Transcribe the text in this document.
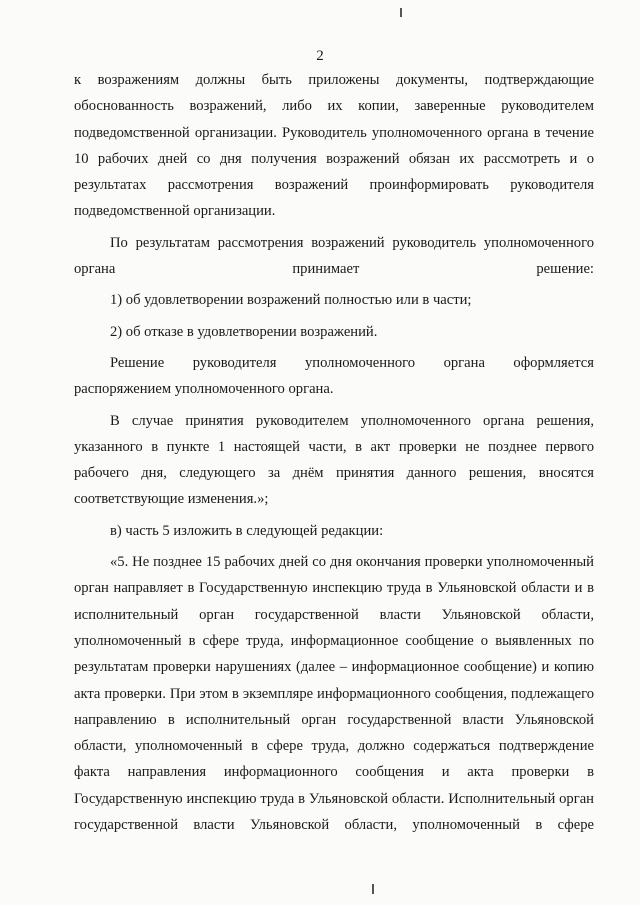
2

к возражениям должны быть приложены документы, подтверждающие обоснованность возражений, либо их копии, заверенные руководителем подведомственной организации. Руководитель уполномоченного органа в течение 10 рабочих дней со дня получения возражений обязан их рассмотреть и о результатах рассмотрения возражений проинформировать руководителя подведомственной организации.

По результатам рассмотрения возражений руководитель уполномоченного органа принимает решение:

1) об удовлетворении возражений полностью или в части;

2) об отказе в удовлетворении возражений.

Решение руководителя уполномоченного органа оформляется распоряжением уполномоченного органа.

В случае принятия руководителем уполномоченного органа решения, указанного в пункте 1 настоящей части, в акт проверки не позднее первого рабочего дня, следующего за днём принятия данного решения, вносятся соответствующие изменения.»;

в) часть 5 изложить в следующей редакции:

«5. Не позднее 15 рабочих дней со дня окончания проверки уполномоченный орган направляет в Государственную инспекцию труда в Ульяновской области и в исполнительный орган государственной власти Ульяновской области, уполномоченный в сфере труда, информационное сообщение о выявленных по результатам проверки нарушениях (далее – информационное сообщение) и копию акта проверки. При этом в экземпляре информационного сообщения, подлежащего направлению в исполнительный орган государственной власти Ульяновской области, уполномоченный в сфере труда, должно содержаться подтверждение факта направления информационного сообщения и акта проверки в Государственную инспекцию труда в Ульяновской области. Исполнительный орган государственной власти Ульяновской области, уполномоченный в сфере
